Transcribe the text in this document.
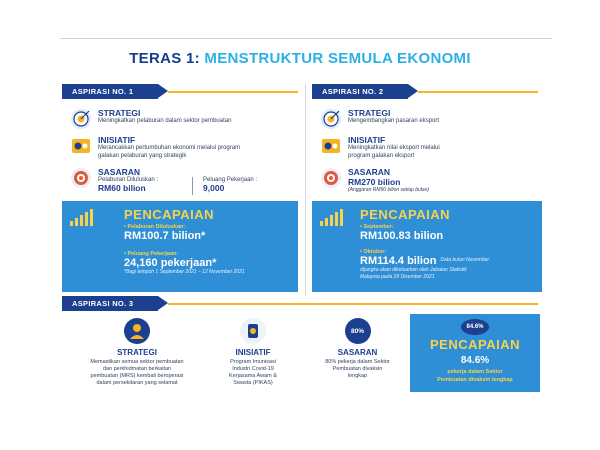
TERAS 1: MENSTRUKTUR SEMULA EKONOMI
ASPIRASI NO. 1
STRATEGI
Meningkatkan pelaburan dalam sektor pembuatan
INISIATIF
Merancakkan pertumbuhan ekonomi melalui program
galakan pelaburan yang strategik
SASARAN
Pelaburan Diluluskan :
RM60 bilion
Peluang Pekerjaan :
9,000
PENCAPAIAN
• Pelaburan Diluluskan:
RM100.7 bilion*
• Peluang Pekerjaan:
24,160 pekerjaan*
*Bagi tempoh 1 September 2021 – 12 November 2021
ASPIRASI NO. 2
STRATEGI
Mengembangkan pasaran eksport
INISIATIF
Meningkatkan nilai eksport melalui
program galakan eksport
SASARAN
RM270 bilion
(Anggaran RM90 bilion setiap bulan)
PENCAPAIAN
• September:
RM100.83 bilion
• Oktober:
RM114.4 bilion Data bulan November
dijangka akan dikeluarkan oleh Jabatan Statistik
Malaysia pada 29 Disember 2021
ASPIRASI NO. 3
STRATEGI
Memastikan semua sektor pembuatan
dan perkhidmatan berkaitan
pembuatan (MRS) kembali beroperasi
dalam persekitaran yang selamat
INISIATIF
Program Imunisasi
Industri Covid-19
Kerjasama Awam &
Swasta (PIKAS)
80%
SASARAN
80% pekerja dalam Sektor
Pembuatan divaksin
lengkap
84.6%
PENCAPAIAN
84.6%
pekerja dalam Sektor
Pembuatan divaksin lengkap
